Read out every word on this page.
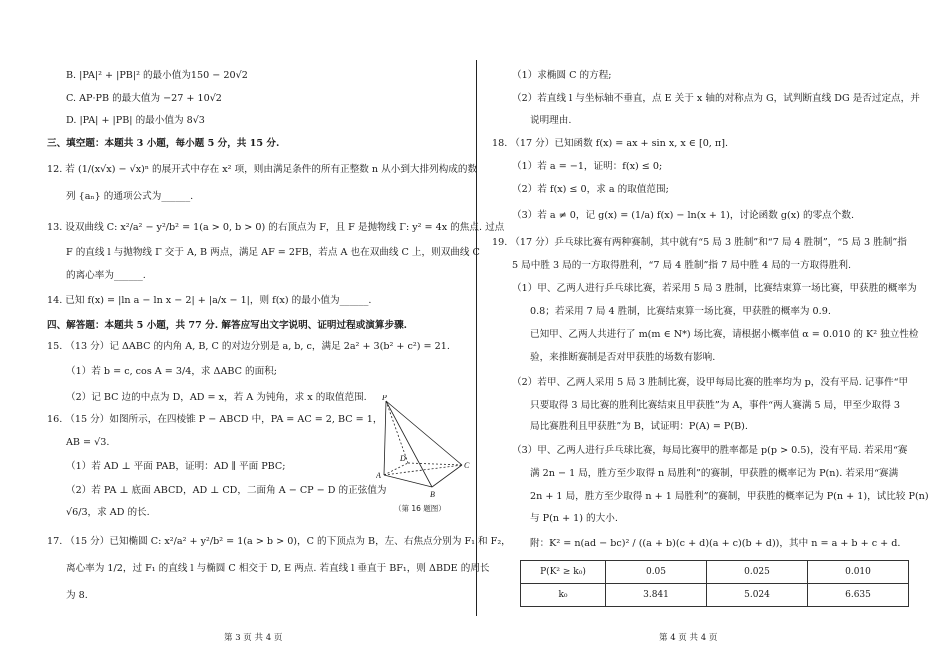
B. |PA|² + |PB|² 的最小值为150 − 20√2
C. AP·PB 的最大值为 −27 + 10√2
D. |PA| + |PB| 的最小值为 8√3
三、填空题：本题共 3 小题，每小题 5 分，共 15 分.
12. 若 (1/(x√x) − √x)ⁿ 的展开式中存在 x² 项，则由满足条件的所有正整数 n 从小到大排列构成的数
列 {aₙ} 的通项公式为______.
13. 设双曲线 C: x²/a² − y²/b² = 1(a > 0, b > 0) 的右顶点为 F，且 F 是抛物线 Γ: y² = 4x 的焦点. 过点
F 的直线 l 与抛物线 Γ 交于 A, B 两点，满足 AF = 2FB，若点 A 也在双曲线 C 上，则双曲线 C
的离心率为______.
14. 已知 f(x) = |ln a − ln x − 2| + |a/x − 1|，则 f(x) 的最小值为______.
四、解答题：本题共 5 小题，共 77 分. 解答应写出文字说明、证明过程或演算步骤.
15. （13 分）记 ΔABC 的内角 A, B, C 的对边分别是 a, b, c，满足 2a² + 3(b² + c²) = 21.
（1）若 b = c, cos A = 3/4，求 ΔABC 的面积;
（2）记 BC 边的中点为 D，AD = x，若 A 为钝角，求 x 的取值范围.
16. （15 分）如图所示，在四棱锥 P − ABCD 中，PA = AC = 2, BC = 1，
AB = √3.
（1）若 AD ⊥ 平面 PAB，证明：AD ∥ 平面 PBC;
（2）若 PA ⊥ 底面 ABCD，AD ⊥ CD，二面角 A − CP − D 的正弦值为
√6/3，求 AD 的长.
17. （15 分）已知椭圆 C: x²/a² + y²/b² = 1(a > b > 0)，C 的下顶点为 B，左、右焦点分别为 F₁ 和 F₂，
离心率为 1/2，过 F₁ 的直线 l 与椭圆 C 相交于 D, E 两点. 若直线 l 垂直于 BF₁，则 ΔBDE 的周长
为 8.
第 3 页 共 4 页
P
A
B
C
D
（第 16 题图）
（1）求椭圆 C 的方程;
（2）若直线 l 与坐标轴不垂直，点 E 关于 x 轴的对称点为 G，试判断直线 DG 是否过定点，并
说明理由.
18. （17 分）已知函数 f(x) = ax + sin x, x ∈ [0, π].
（1）若 a = −1，证明：f(x) ≤ 0;
（2）若 f(x) ≤ 0，求 a 的取值范围;
（3）若 a ≠ 0，记 g(x) = (1/a) f(x) − ln(x + 1)，讨论函数 g(x) 的零点个数.
19. （17 分）乒乓球比赛有两种赛制，其中就有“5 局 3 胜制”和“7 局 4 胜制”，“5 局 3 胜制”指
5 局中胜 3 局的一方取得胜利，“7 局 4 胜制”指 7 局中胜 4 局的一方取得胜利.
（1）甲、乙两人进行乒乓球比赛，若采用 5 局 3 胜制，比赛结束算一场比赛，甲获胜的概率为
0.8；若采用 7 局 4 胜制，比赛结束算一场比赛，甲获胜的概率为 0.9.
已知甲、乙两人共进行了 m(m ∈ N*) 场比赛，请根据小概率值 α = 0.010 的 K² 独立性检
验，来推断赛制是否对甲获胜的场数有影响.
（2）若甲、乙两人采用 5 局 3 胜制比赛，设甲每局比赛的胜率均为 p，没有平局. 记事件“甲
只要取得 3 局比赛的胜利比赛结束且甲获胜”为 A，事件“两人赛满 5 局，甲至少取得 3
局比赛胜利且甲获胜”为 B，试证明：P(A) = P(B).
（3）甲、乙两人进行乒乓球比赛，每局比赛甲的胜率都是 p(p > 0.5)，没有平局. 若采用“赛
满 2n − 1 局，胜方至少取得 n 局胜利”的赛制，甲获胜的概率记为 P(n). 若采用“赛满
2n + 1 局，胜方至少取得 n + 1 局胜利”的赛制，甲获胜的概率记为 P(n + 1)，试比较 P(n)
与 P(n + 1) 的大小.
附：K² = n(ad − bc)² / ((a + b)(c + d)(a + c)(b + d))，其中 n = a + b + c + d.
第 4 页 共 4 页
P(K² ≥ k₀)	0.05	0.025	0.010
k₀	3.841	5.024	6.635
